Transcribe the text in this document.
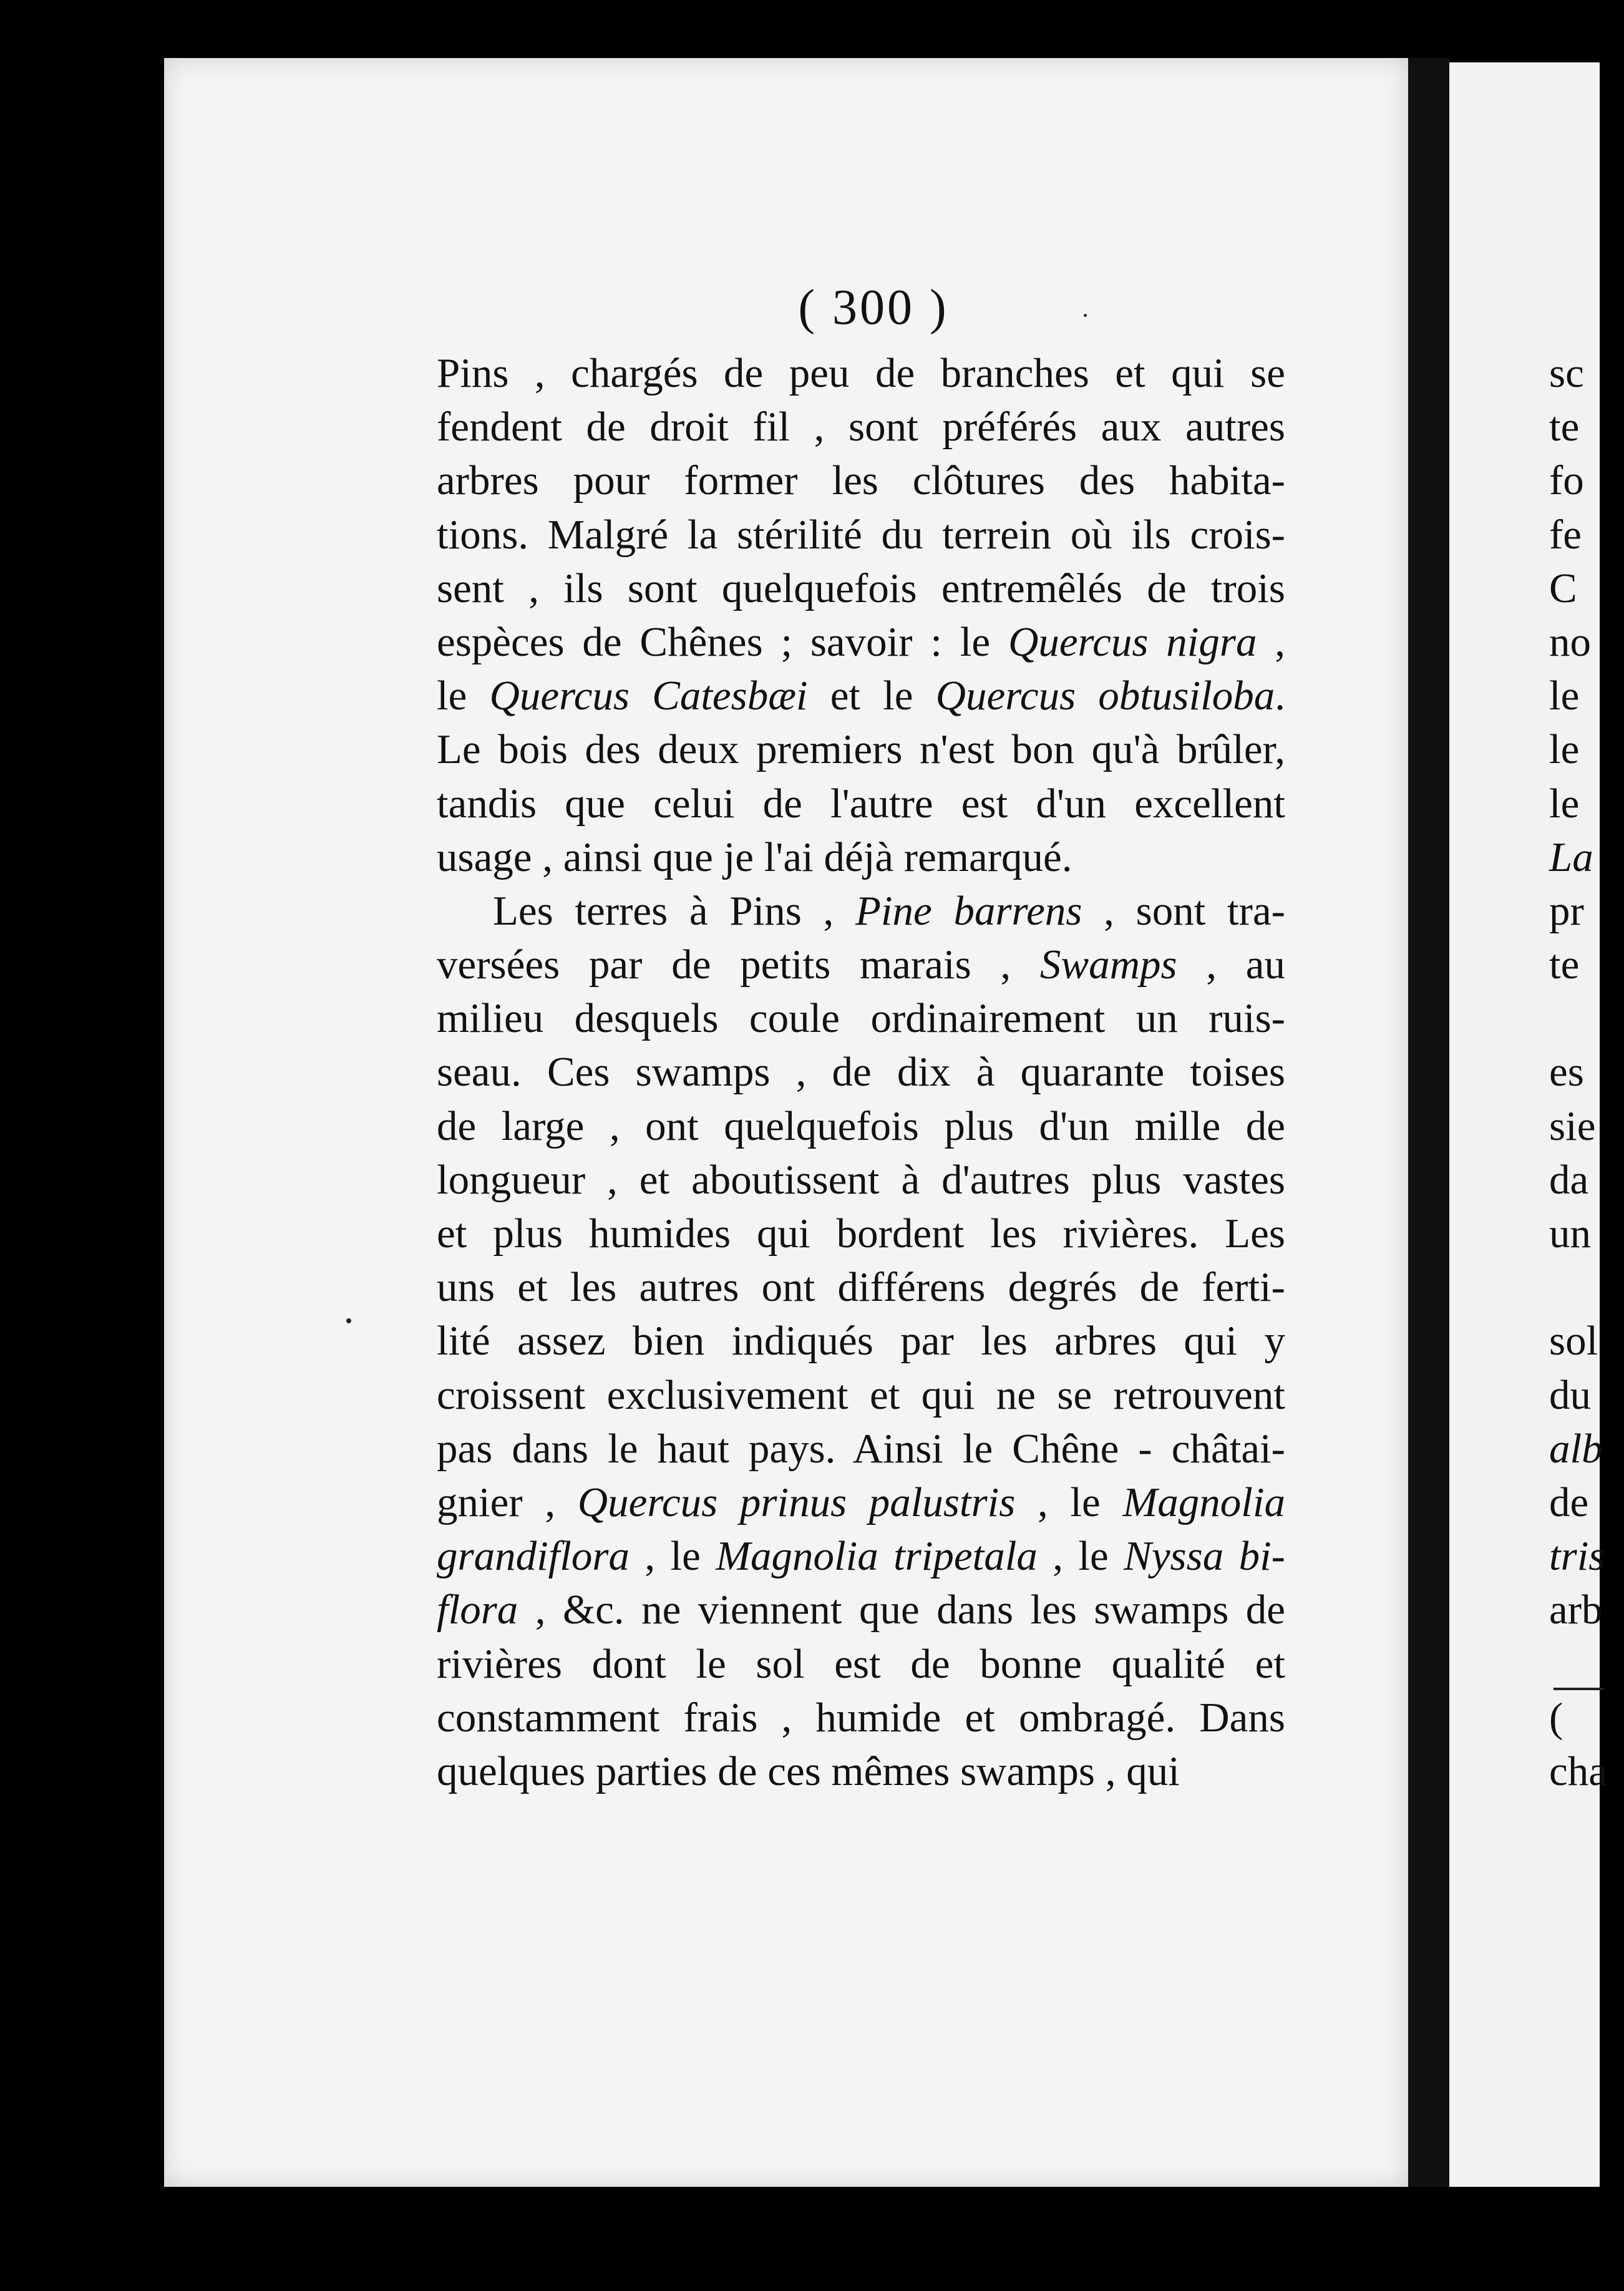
( 300 )
Pins , chargés de peu de branches et qui se
fendent de droit fil , sont préférés aux autres
arbres pour former les clôtures des habita-
tions. Malgré la stérilité du terrein où ils crois-
sent , ils sont quelquefois entremêlés de trois
espèces de Chênes ; savoir : le Quercus nigra ,
le Quercus Catesbæi et le Quercus obtusiloba.
Le bois des deux premiers n'est bon qu'à brûler,
tandis que celui de l'autre est d'un excellent
usage , ainsi que je l'ai déjà remarqué.
Les terres à Pins , Pine barrens , sont tra-
versées par de petits marais , Swamps , au
milieu desquels coule ordinairement un ruis-
seau. Ces swamps , de dix à quarante toises
de large , ont quelquefois plus d'un mille de
longueur , et aboutissent à d'autres plus vastes
et plus humides qui bordent les rivières. Les
uns et les autres ont différens degrés de ferti-
lité assez bien indiqués par les arbres qui y
croissent exclusivement et qui ne se retrouvent
pas dans le haut pays. Ainsi le Chêne - châtai-
gnier , Quercus prinus palustris , le Magnolia
grandiflora , le Magnolia tripetala , le Nyssa bi-
flora , &c. ne viennent que dans les swamps de
rivières dont le sol est de bonne qualité et
constamment frais , humide et ombragé. Dans
quelques parties de ces mêmes swamps , qui
sc
te
fo
fe
C
no
le
le
le
La
pr
te
es
sie
da
un
sol
du
alb
de
tris
arb
(
cha
